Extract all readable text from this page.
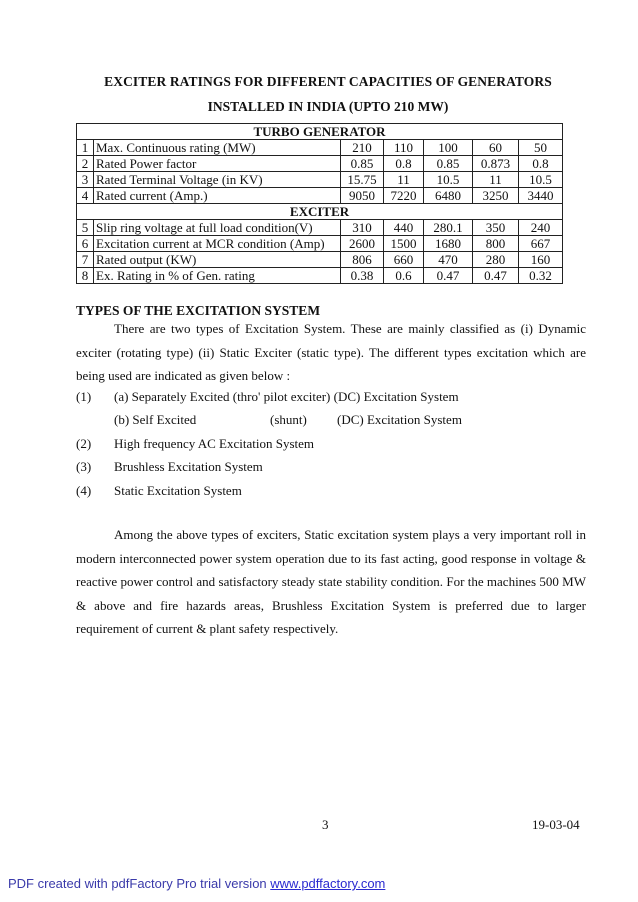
EXCITER RATINGS FOR DIFFERENT CAPACITIES OF GENERATORS
INSTALLED IN INDIA (UPTO 210 MW)
TURBO GENERATOR						
1	Max. Continuous rating (MW)	210	110	100	60	50
2	Rated Power factor	0.85	0.8	0.85	0.873	0.8
3	Rated Terminal Voltage (in KV)	15.75	11	10.5	11	10.5
4	Rated current (Amp.)	9050	7220	6480	3250	3440
EXCITER						
5	Slip ring voltage at full load condition(V)	310	440	280.1	350	240
6	Excitation current at MCR condition (Amp)	2600	1500	1680	800	667
7	Rated output (KW)	806	660	470	280	160
8	Ex. Rating in % of Gen. rating	0.38	0.6	0.47	0.47	0.32
TYPES OF THE EXCITATION SYSTEM
There are two types of Excitation System. These are mainly classified as (i) Dynamic exciter (rotating type) (ii) Static Exciter (static type). The different types excitation which are being used are indicated as given below :
(1) (a) Separately Excited (thro' pilot exciter) (DC) Excitation System
(b) Self Excited	(shunt) (DC) Excitation System
(2) High frequency AC Excitation System
(3) Brushless Excitation System
(4) Static Excitation System
Among the above types of exciters, Static excitation system plays a very important roll in modern interconnected power system operation due to its fast acting, good response in voltage & reactive power control and satisfactory steady state stability condition. For the machines 500 MW & above and fire hazards areas, Brushless Excitation System is preferred due to larger requirement of current & plant safety respectively.
3	19-03-04
PDF created with pdfFactory Pro trial version www.pdffactory.com
